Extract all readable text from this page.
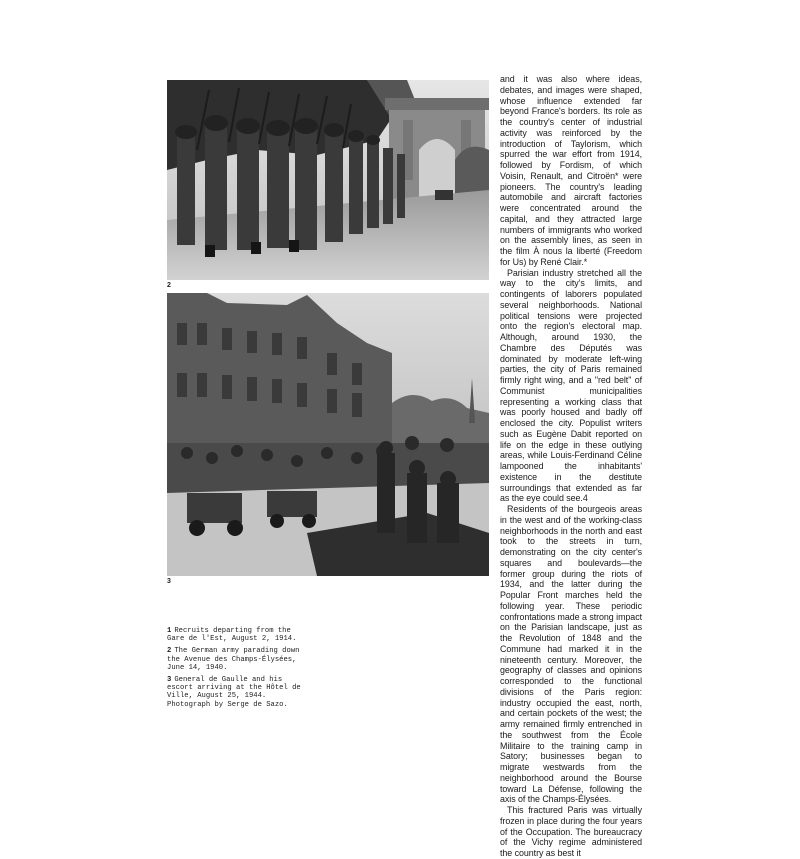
2
3

1 Recruits departing from the Gare de l'Est, August 2, 1914.

2 The German army parading down the Avenue des Champs-Élysées, June 14, 1940.

3 General de Gaulle and his escort arriving at the Hôtel de Ville, August 25, 1944. Photograph by Serge de Sazo.

and it was also where ideas, debates, and images were shaped, whose influence extended far beyond France's borders. Its role as the country's center of industrial activity was reinforced by the introduction of Taylorism, which spurred the war effort from 1914, followed by Fordism, of which Voisin, Renault, and Citroën* were pioneers. The country's leading automobile and aircraft factories were concentrated around the capital, and they attracted large numbers of immigrants who worked on the assembly lines, as seen in the film À nous la liberté (Freedom for Us) by René Clair.*

Parisian industry stretched all the way to the city's limits, and contingents of laborers populated several neighborhoods. National political tensions were projected onto the region's electoral map. Although, around 1930, the Chambre des Députés was dominated by moderate left-wing parties, the city of Paris remained firmly right wing, and a "red belt" of Communist municipalities representing a working class that was poorly housed and badly off enclosed the city. Populist writers such as Eugène Dabit reported on life on the edge in these outlying areas, while Louis-Ferdinand Céline lampooned the inhabitants' existence in the destitute surroundings that extended as far as the eye could see.4

Residents of the bourgeois areas in the west and of the working-class neighborhoods in the north and east took to the streets in turn, demonstrating on the city center's squares and boulevards—the former group during the riots of 1934, and the latter during the Popular Front marches held the following year. These periodic confrontations made a strong impact on the Parisian landscape, just as the Revolution of 1848 and the Commune had marked it in the nineteenth century. Moreover, the geography of classes and opinions corresponded to the functional divisions of the Paris region: industry occupied the east, north, and certain pockets of the west; the army remained firmly entrenched in the southwest from the École Militaire to the training camp in Satory; businesses began to migrate westwards from the neighborhood around the Bourse toward La Défense, following the axis of the Champs-Élysées.

This fractured Paris was virtually frozen in place during the four years of the Occupation. The bureaucracy of the Vichy regime administered the country as best it
